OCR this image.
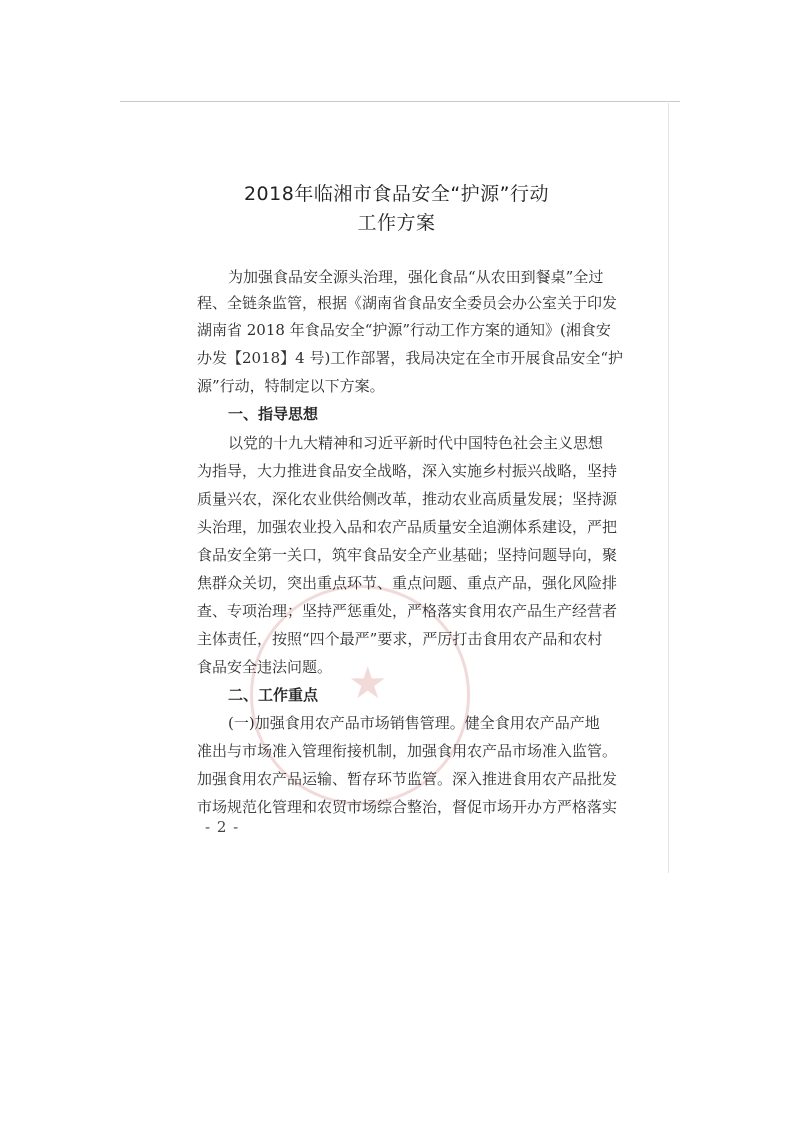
★
2018年临湘市食品安全“护源”行动
工作方案
为加强食品安全源头治理，强化食品“从农田到餐桌”全过
程、全链条监管，根据《湖南省食品安全委员会办公室关于印发
湖南省 2018 年食品安全“护源”行动工作方案的通知》(湘食安
办发【2018】4 号)工作部署，我局决定在全市开展食品安全“护
源”行动，特制定以下方案。
一、指导思想
以党的十九大精神和习近平新时代中国特色社会主义思想
为指导，大力推进食品安全战略，深入实施乡村振兴战略，坚持
质量兴农，深化农业供给侧改革，推动农业高质量发展；坚持源
头治理，加强农业投入品和农产品质量安全追溯体系建设，严把
食品安全第一关口，筑牢食品安全产业基础；坚持问题导向，聚
焦群众关切，突出重点环节、重点问题、重点产品，强化风险排
查、专项治理；坚持严惩重处，严格落实食用农产品生产经营者
主体责任，按照“四个最严”要求，严厉打击食用农产品和农村
食品安全违法问题。
二、工作重点
(一)加强食用农产品市场销售管理。健全食用农产品产地
准出与市场准入管理衔接机制，加强食用农产品市场准入监管。
加强食用农产品运输、暂存环节监管。深入推进食用农产品批发
市场规范化管理和农贸市场综合整治，督促市场开办方严格落实
- 2 -
